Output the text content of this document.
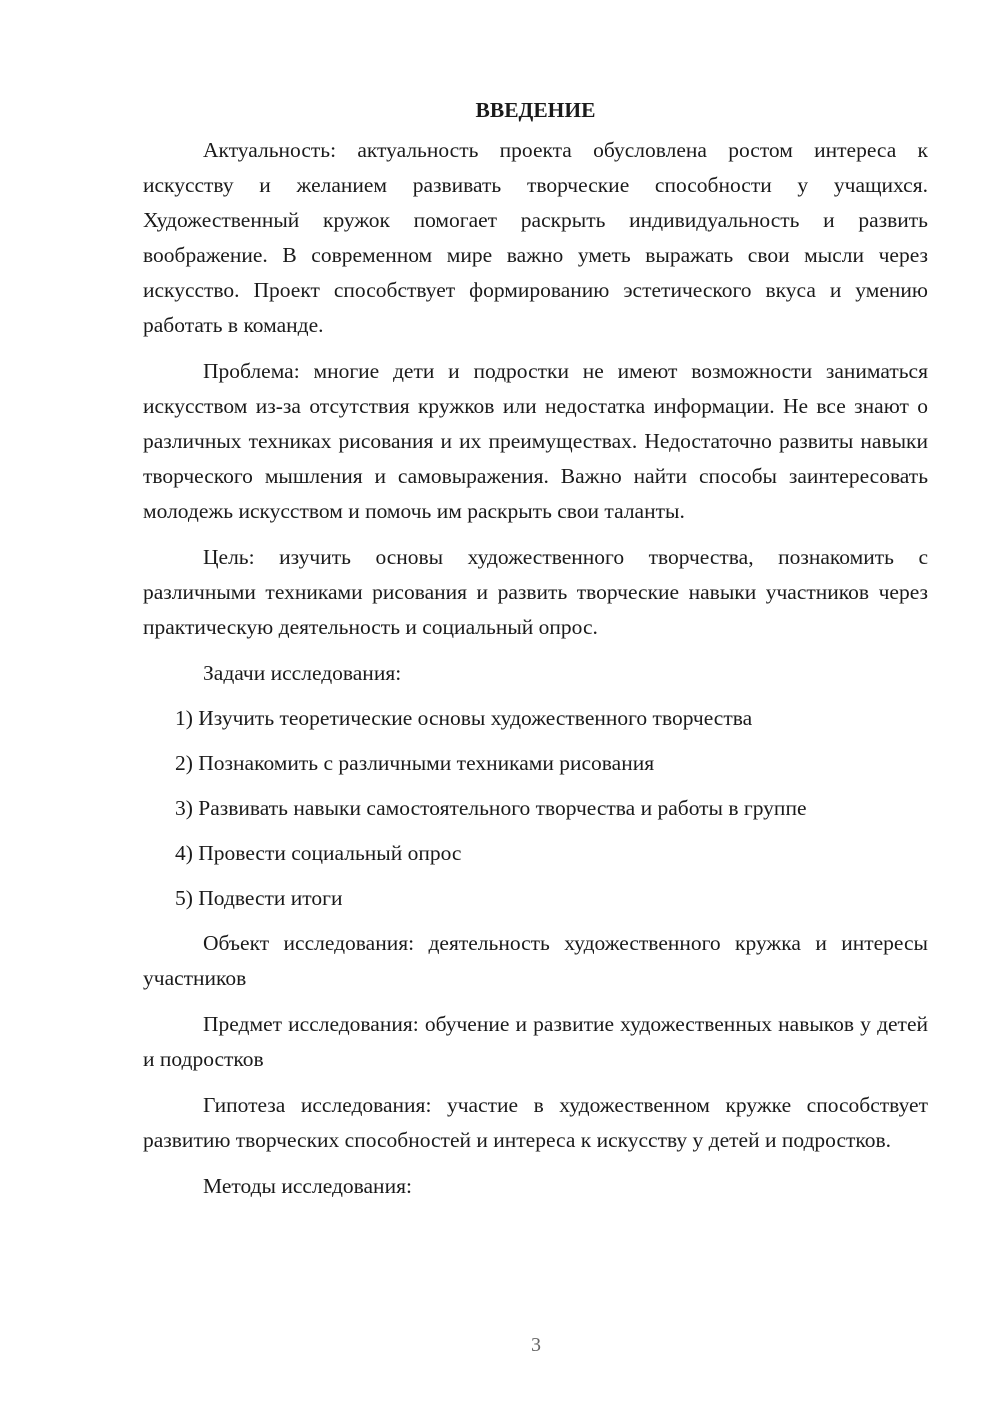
ВВЕДЕНИЕ

Актуальность: актуальность проекта обусловлена ростом интереса к искусству и желанием развивать творческие способности у учащихся. Художественный кружок помогает раскрыть индивидуальность и развить воображение. В современном мире важно уметь выражать свои мысли через искусство. Проект способствует формированию эстетического вкуса и умению работать в команде.

Проблема: многие дети и подростки не имеют возможности заниматься искусством из-за отсутствия кружков или недостатка информации. Не все знают о различных техниках рисования и их преимуществах. Недостаточно развиты навыки творческого мышления и самовыражения. Важно найти способы заинтересовать молодежь искусством и помочь им раскрыть свои таланты.

Цель: изучить основы художественного творчества, познакомить с различными техниками рисования и развить творческие навыки участников через практическую деятельность и социальный опрос.

Задачи исследования:

1) Изучить теоретические основы художественного творчества
2) Познакомить с различными техниками рисования
3) Развивать навыки самостоятельного творчества и работы в группе
4) Провести социальный опрос
5) Подвести итоги

Объект исследования: деятельность художественного кружка и интересы участников

Предмет исследования: обучение и развитие художественных навыков у детей и подростков

Гипотеза исследования: участие в художественном кружке способствует развитию творческих способностей и интереса к искусству у детей и подростков.

Методы исследования:

3
